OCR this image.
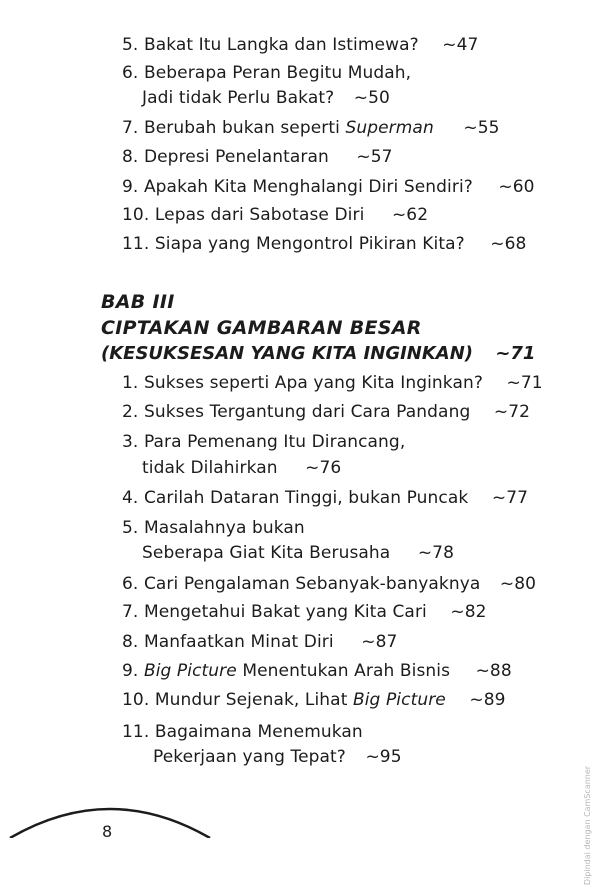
5. Bakat Itu Langka dan Istimewa? ~47
6. Beberapa Peran Begitu Mudah,
Jadi tidak Perlu Bakat? ~50
7. Berubah bukan seperti Superman ~55
8. Depresi Penelantaran ~57
9. Apakah Kita Menghalangi Diri Sendiri? ~60
10. Lepas dari Sabotase Diri ~62
11. Siapa yang Mengontrol Pikiran Kita? ~68
BAB III
CIPTAKAN GAMBARAN BESAR
(KESUKSESAN YANG KITA INGINKAN) ~71
1. Sukses seperti Apa yang Kita Inginkan? ~71
2. Sukses Tergantung dari Cara Pandang ~72
3. Para Pemenang Itu Dirancang,
tidak Dilahirkan ~76
4. Carilah Dataran Tinggi, bukan Puncak ~77
5. Masalahnya bukan
Seberapa Giat Kita Berusaha ~78
6. Cari Pengalaman Sebanyak-banyaknya ~80
7. Mengetahui Bakat yang Kita Cari ~82
8. Manfaatkan Minat Diri ~87
9. Big Picture Menentukan Arah Bisnis ~88
10. Mundur Sejenak, Lihat Big Picture ~89
11. Bagaimana Menemukan
Pekerjaan yang Tepat? ~95
8	Dipindai dengan CamScanner
